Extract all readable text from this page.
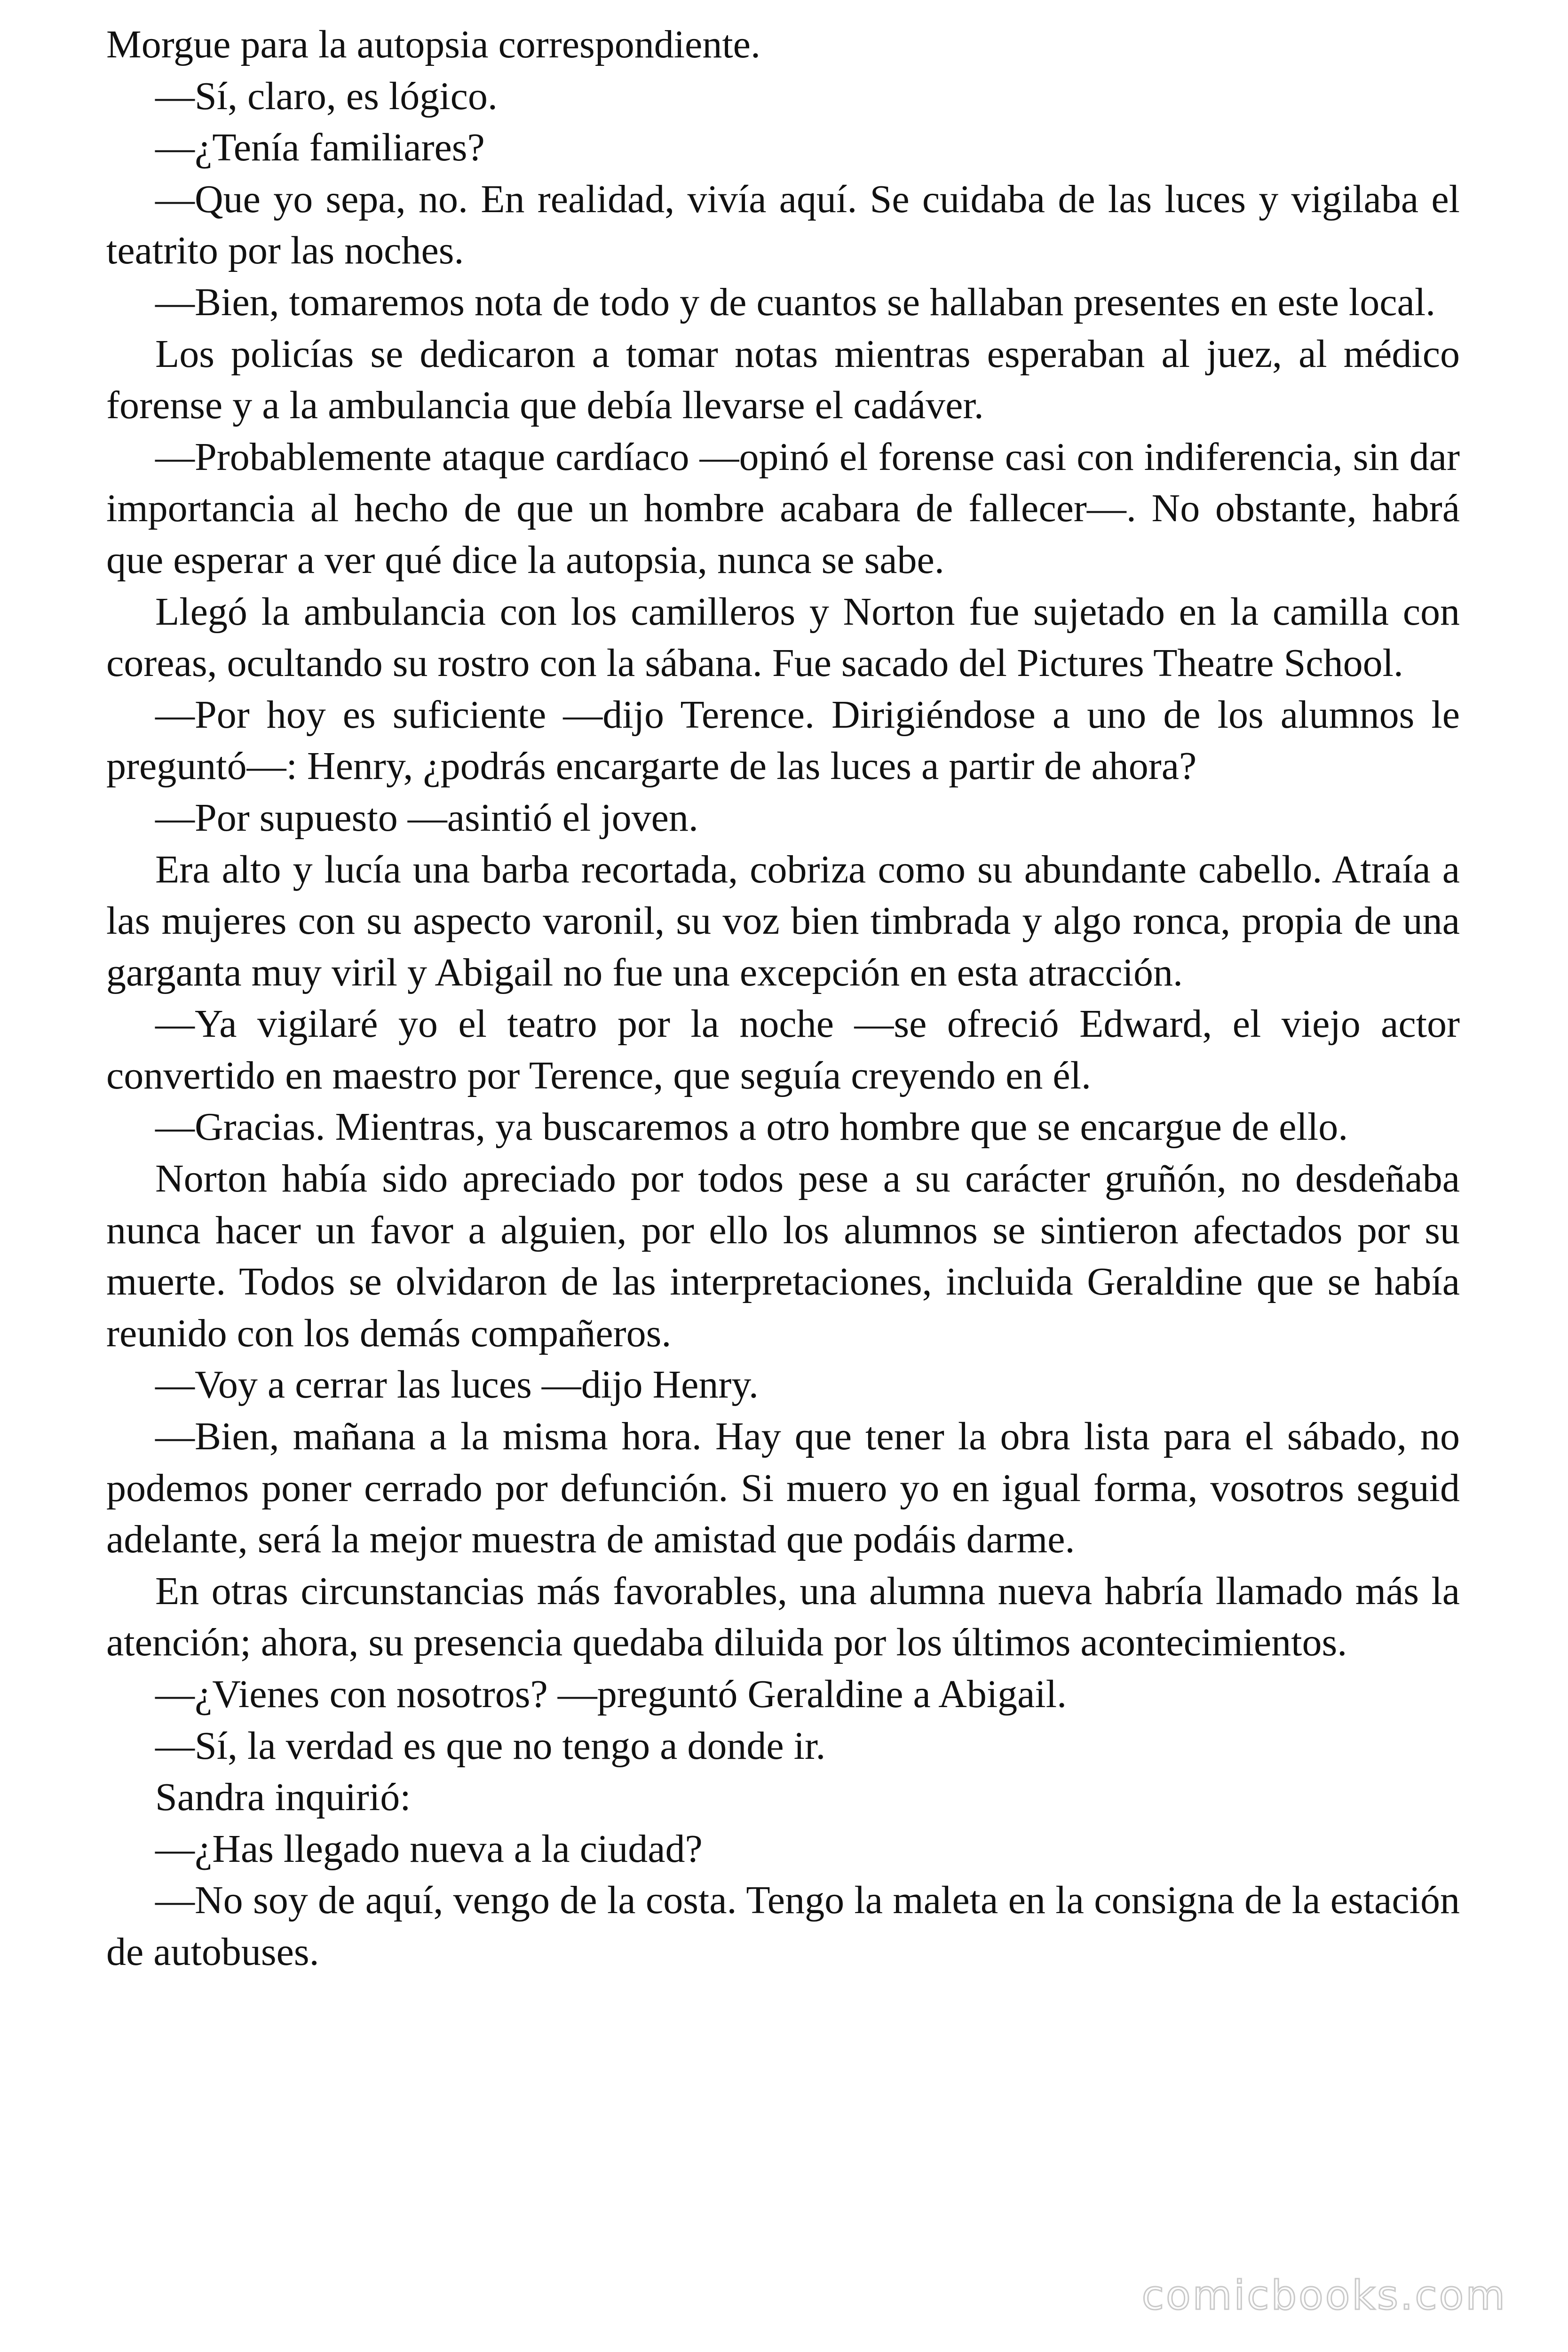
Morgue para la autopsia correspondiente.

—Sí, claro, es lógico.

—¿Tenía familiares?

—Que yo sepa, no. En realidad, vivía aquí. Se cuidaba de las luces y vigilaba el teatrito por las noches.

—Bien, tomaremos nota de todo y de cuantos se hallaban presentes en este local.

Los policías se dedicaron a tomar notas mientras esperaban al juez, al médico forense y a la ambulancia que debía llevarse el cadáver.

—Probablemente ataque cardíaco —opinó el forense casi con indiferencia, sin dar importancia al hecho de que un hombre acabara de fallecer—. No obstante, habrá que esperar a ver qué dice la autopsia, nunca se sabe.

Llegó la ambulancia con los camilleros y Norton fue sujetado en la camilla con coreas, ocultando su rostro con la sábana. Fue sacado del Pictures Theatre School.

—Por hoy es suficiente —dijo Terence. Dirigiéndose a uno de los alumnos le preguntó—: Henry, ¿podrás encargarte de las luces a partir de ahora?

—Por supuesto —asintió el joven.

Era alto y lucía una barba recortada, cobriza como su abundante cabello. Atraía a las mujeres con su aspecto varonil, su voz bien timbrada y algo ronca, propia de una garganta muy viril y Abigail no fue una excepción en esta atracción.

—Ya vigilaré yo el teatro por la noche —se ofreció Edward, el viejo actor convertido en maestro por Terence, que seguía creyendo en él.

—Gracias. Mientras, ya buscaremos a otro hombre que se encargue de ello.

Norton había sido apreciado por todos pese a su carácter gruñón, no desdeñaba nunca hacer un favor a alguien, por ello los alumnos se sintieron afectados por su muerte. Todos se olvidaron de las interpretaciones, incluida Geraldine que se había reunido con los demás compañeros.

—Voy a cerrar las luces —dijo Henry.

—Bien, mañana a la misma hora. Hay que tener la obra lista para el sábado, no podemos poner cerrado por defunción. Si muero yo en igual forma, vosotros seguid adelante, será la mejor muestra de amistad que podáis darme.

En otras circunstancias más favorables, una alumna nueva habría llamado más la atención; ahora, su presencia quedaba diluida por los últimos acontecimientos.

—¿Vienes con nosotros? —preguntó Geraldine a Abigail.

—Sí, la verdad es que no tengo a donde ir.

Sandra inquirió:

—¿Has llegado nueva a la ciudad?

—No soy de aquí, vengo de la costa. Tengo la maleta en la consigna de la estación de autobuses.

comicbooks.com
